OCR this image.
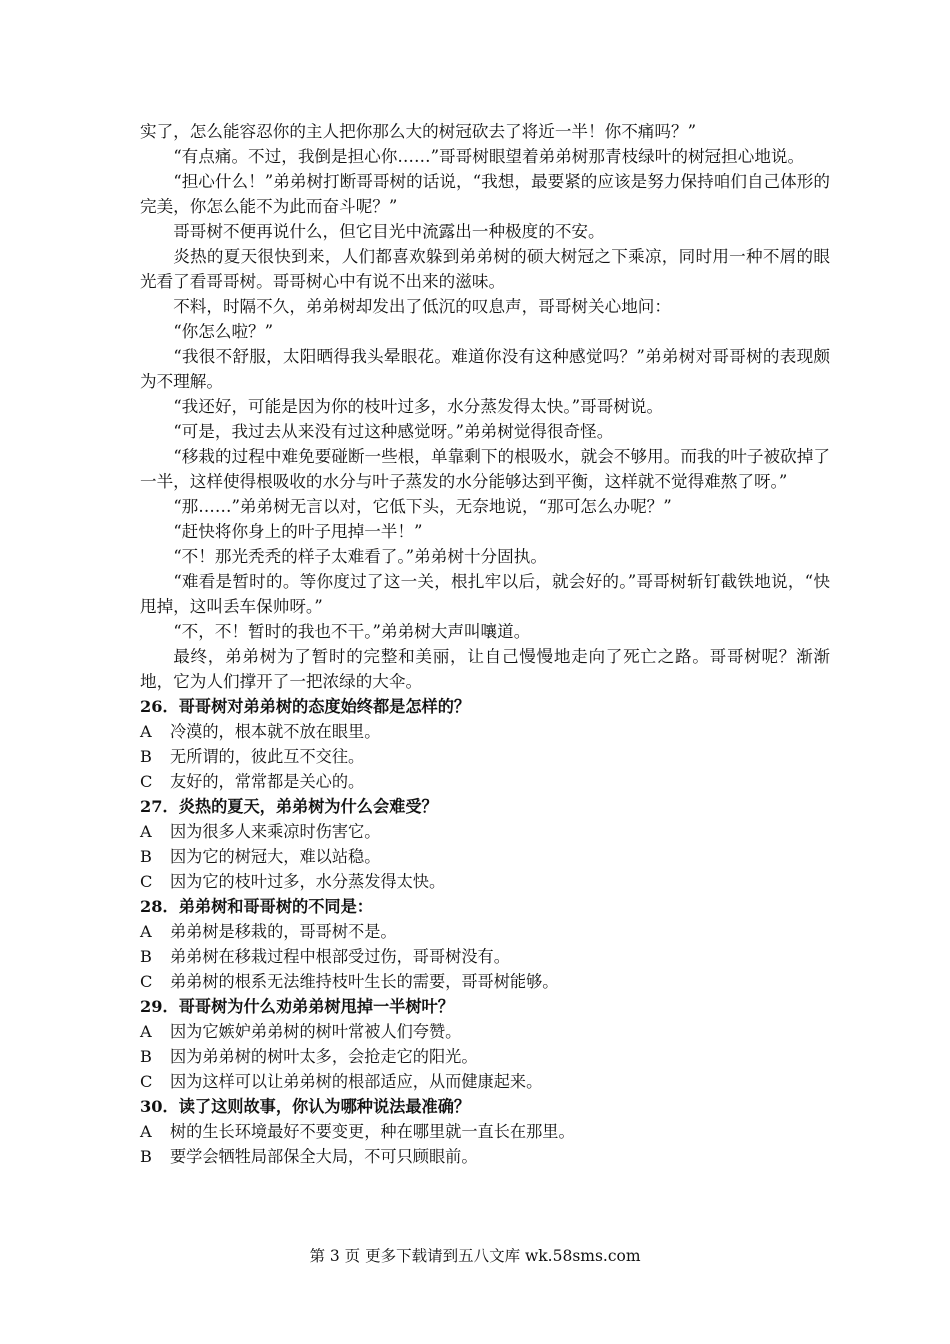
实了，怎么能容忍你的主人把你那么大的树冠砍去了将近一半！你不痛吗？”

“有点痛。不过，我倒是担心你……”哥哥树眼望着弟弟树那青枝绿叶的树冠担心地说。

“担心什么！”弟弟树打断哥哥树的话说，“我想，最要紧的应该是努力保持咱们自己体形的完美，你怎么能不为此而奋斗呢？”

哥哥树不便再说什么，但它目光中流露出一种极度的不安。

炎热的夏天很快到来，人们都喜欢躲到弟弟树的硕大树冠之下乘凉，同时用一种不屑的眼光看了看哥哥树。哥哥树心中有说不出来的滋味。

不料，时隔不久，弟弟树却发出了低沉的叹息声，哥哥树关心地问：

“你怎么啦？”

“我很不舒服，太阳晒得我头晕眼花。难道你没有这种感觉吗？”弟弟树对哥哥树的表现颇为不理解。

“我还好，可能是因为你的枝叶过多，水分蒸发得太快。”哥哥树说。

“可是，我过去从来没有过这种感觉呀。”弟弟树觉得很奇怪。

“移栽的过程中难免要碰断一些根，单靠剩下的根吸水，就会不够用。而我的叶子被砍掉了一半，这样使得根吸收的水分与叶子蒸发的水分能够达到平衡，这样就不觉得难熬了呀。”

“那……”弟弟树无言以对，它低下头，无奈地说，“那可怎么办呢？”

“赶快将你身上的叶子甩掉一半！”

“不！那光秃秃的样子太难看了。”弟弟树十分固执。

“难看是暂时的。等你度过了这一关，根扎牢以后，就会好的。”哥哥树斩钉截铁地说，“快甩掉，这叫丢车保帅呀。”

“不，不！暂时的我也不干。”弟弟树大声叫嚷道。

最终，弟弟树为了暂时的完整和美丽，让自己慢慢地走向了死亡之路。哥哥树呢？渐渐地，它为人们撑开了一把浓绿的大伞。

26．哥哥树对弟弟树的态度始终都是怎样的？

A 冷漠的，根本就不放在眼里。

B 无所谓的，彼此互不交往。

C 友好的，常常都是关心的。

27．炎热的夏天，弟弟树为什么会难受？

A 因为很多人来乘凉时伤害它。

B 因为它的树冠大，难以站稳。

C 因为它的枝叶过多，水分蒸发得太快。

28．弟弟树和哥哥树的不同是：

A 弟弟树是移栽的，哥哥树不是。

B 弟弟树在移栽过程中根部受过伤，哥哥树没有。

C 弟弟树的根系无法维持枝叶生长的需要，哥哥树能够。

29．哥哥树为什么劝弟弟树甩掉一半树叶？

A 因为它嫉妒弟弟树的树叶常被人们夸赞。

B 因为弟弟树的树叶太多，会抢走它的阳光。

C 因为这样可以让弟弟树的根部适应，从而健康起来。

30．读了这则故事，你认为哪种说法最准确？

A 树的生长环境最好不要变更，种在哪里就一直长在那里。

B 要学会牺牲局部保全大局，不可只顾眼前。

第 3 页 更多下载请到五八文库 wk.58sms.com
